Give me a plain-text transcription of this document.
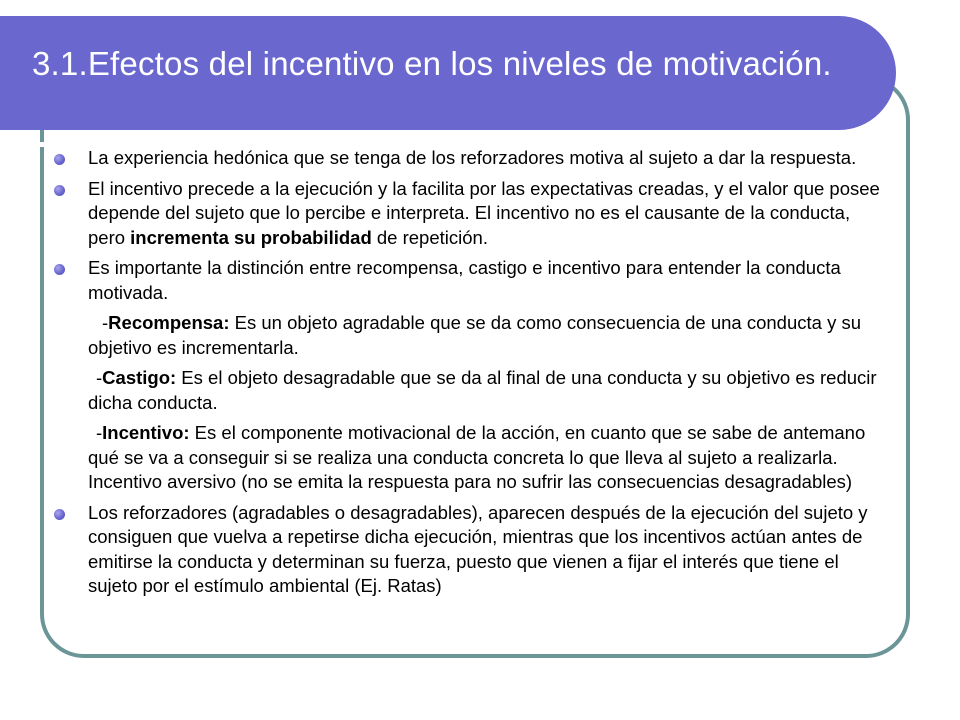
3.1.Efectos del incentivo en los niveles de motivación.
La experiencia hedónica que se tenga de los reforzadores motiva al sujeto a dar la respuesta.
El incentivo precede a la ejecución y la facilita por las expectativas creadas, y el valor que posee depende del sujeto que lo percibe e interpreta. El incentivo no es el causante de la conducta, pero incrementa su probabilidad de repetición.
Es importante la distinción entre recompensa, castigo e incentivo para entender la conducta motivada.
-Recompensa: Es un objeto agradable que se da como consecuencia de una conducta y su objetivo es incrementarla.
-Castigo: Es el objeto desagradable que se da al final de una conducta y su objetivo es reducir dicha conducta.
-Incentivo: Es el componente motivacional de la acción, en cuanto que se sabe de antemano qué se va a conseguir si se realiza una conducta concreta lo que lleva al sujeto a realizarla. Incentivo aversivo (no se emita la respuesta para no sufrir las consecuencias desagradables)
Los reforzadores (agradables o desagradables), aparecen después de la ejecución del sujeto y consiguen que vuelva a repetirse dicha ejecución, mientras que los incentivos actúan antes de emitirse la conducta y determinan su fuerza, puesto que vienen a fijar el interés que tiene el sujeto por el estímulo ambiental (Ej. Ratas)
